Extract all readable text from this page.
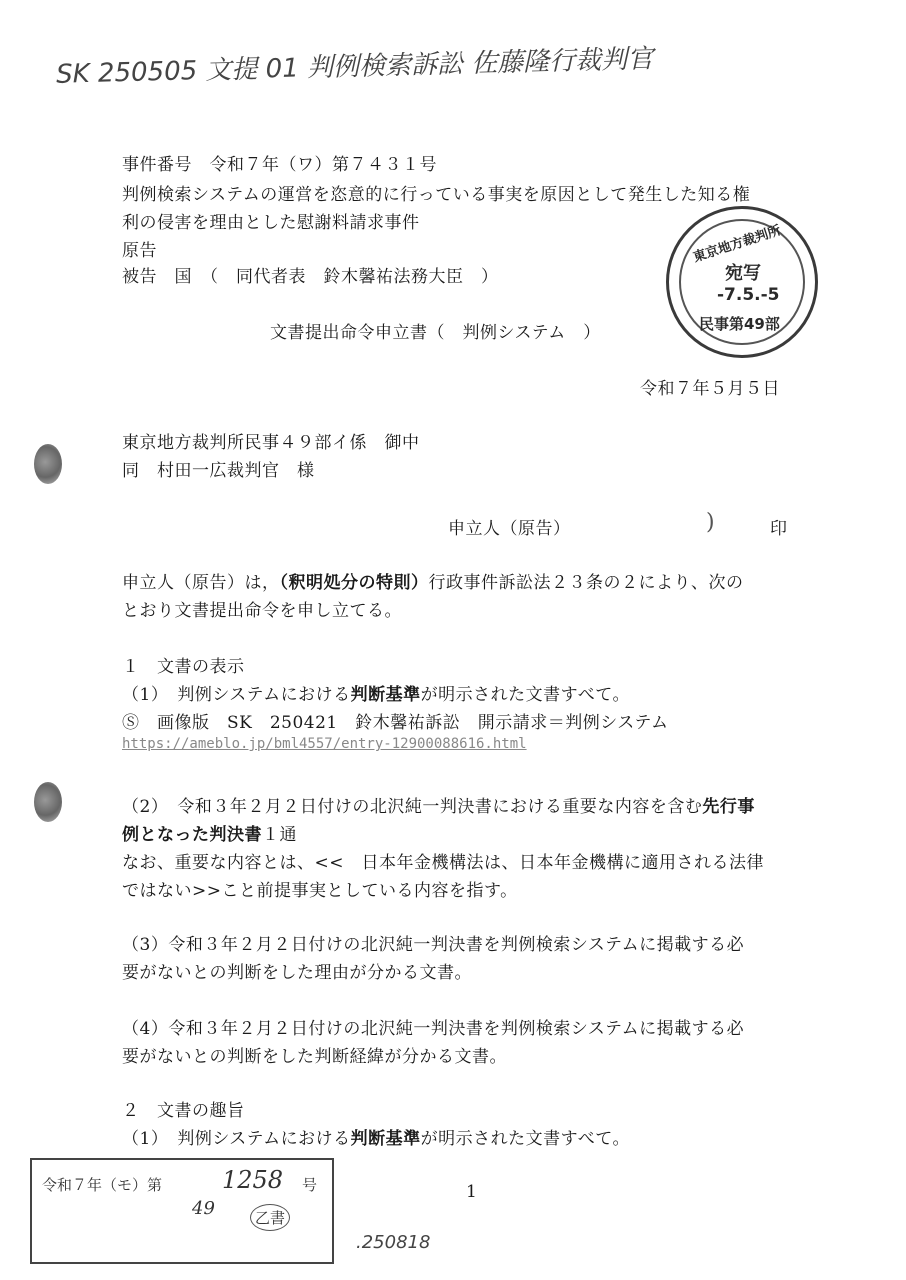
SK 250505 文提 01 判例検索訴訟 佐藤隆行裁判官
事件番号　令和７年（ワ）第７４３１号
判例検索システムの運営を恣意的に行っている事実を原因として発生した知る権
利の侵害を理由とした慰謝料請求事件
原告
被告　国　（　同代者表　鈴木馨祐法務大臣　）
東京地方裁判所
宛写
-7.5.-5
民事第49部
文書提出命令申立書（　判例システム　）
令和７年５月５日
東京地方裁判所民事４９部イ係　御中
同　村田一広裁判官　様
申立人（原告）	)	印
申立人（原告）は，（釈明処分の特則）行政事件訴訟法２３条の２により、次の
とおり文書提出命令を申し立てる。
１　文書の表示
（1）　判例システムにおける判断基準が明示された文書すべて。
Ⓢ　画像版　SK　250421　鈴木馨祐訴訟　開示請求＝判例システム
https://ameblo.jp/bml4557/entry-12900088616.html
（2）　令和３年２月２日付けの北沢純一判決書における重要な内容を含む先行事
例となった判決書１通
なお、重要な内容とは、<<　日本年金機構法は、日本年金機構に適用される法律
ではない>>こと前提事実としている内容を指す。
（3）令和３年２月２日付けの北沢純一判決書を判例検索システムに掲載する必
要がないとの判断をした理由が分かる文書。
（4）令和３年２月２日付けの北沢純一判決書を判例検索システムに掲載する必
要がないとの判断をした判断経緯が分かる文書。
２　文書の趣旨
（1）　判例システムにおける判断基準が明示された文書すべて。
令和７年（モ）第 1258 号
49	乙書
1
.250818
